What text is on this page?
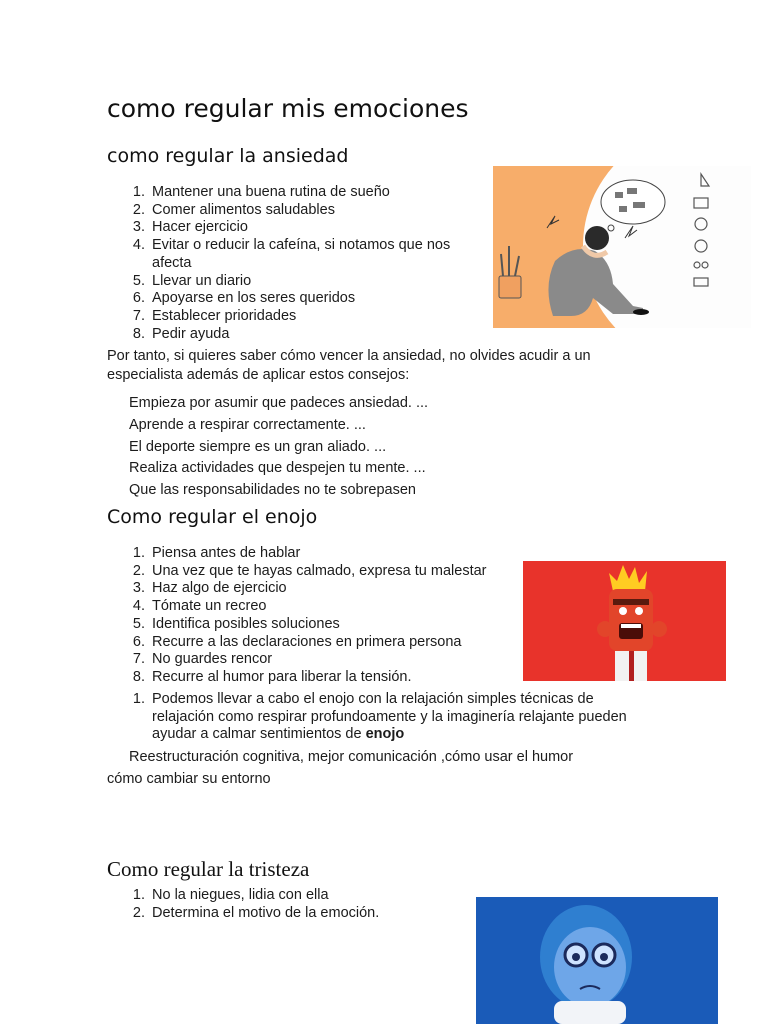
como regular mis emociones
como regular la ansiedad
1. Mantener una buena rutina de sueño
2. Comer alimentos saludables
3. Hacer ejercicio
4. Evitar o reducir la cafeína, si notamos que nos
afecta
5. Llevar un diario
6. Apoyarse en los seres queridos
7. Establecer prioridades
8. Pedir ayuda
Por tanto, si quieres saber cómo vencer la ansiedad, no olvides acudir a un
especialista además de aplicar estos consejos:
Empieza por asumir que padeces ansiedad. ...
Aprende a respirar correctamente. ...
El deporte siempre es un gran aliado. ...
Realiza actividades que despejen tu mente. ...
Que las responsabilidades no te sobrepasen
Como regular el enojo
1. Piensa antes de hablar
2. Una vez que te hayas calmado, expresa tu malestar
3. Haz algo de ejercicio
4. Tómate un recreo
5. Identifica posibles soluciones
6. Recurre a las declaraciones en primera persona
7. No guardes rencor
8. Recurre al humor para liberar la tensión.
1. Podemos llevar a cabo el enojo con la relajación simples técnicas de
relajación como respirar profundoamente y la imaginería relajante pueden
ayudar a calmar sentimientos de enojo
Reestructuración cognitiva, mejor comunicación ,cómo usar el humor
cómo cambiar su entorno
Como regular la tristeza
1. No la niegues, lidia con ella
2. Determina el motivo de la emoción.
